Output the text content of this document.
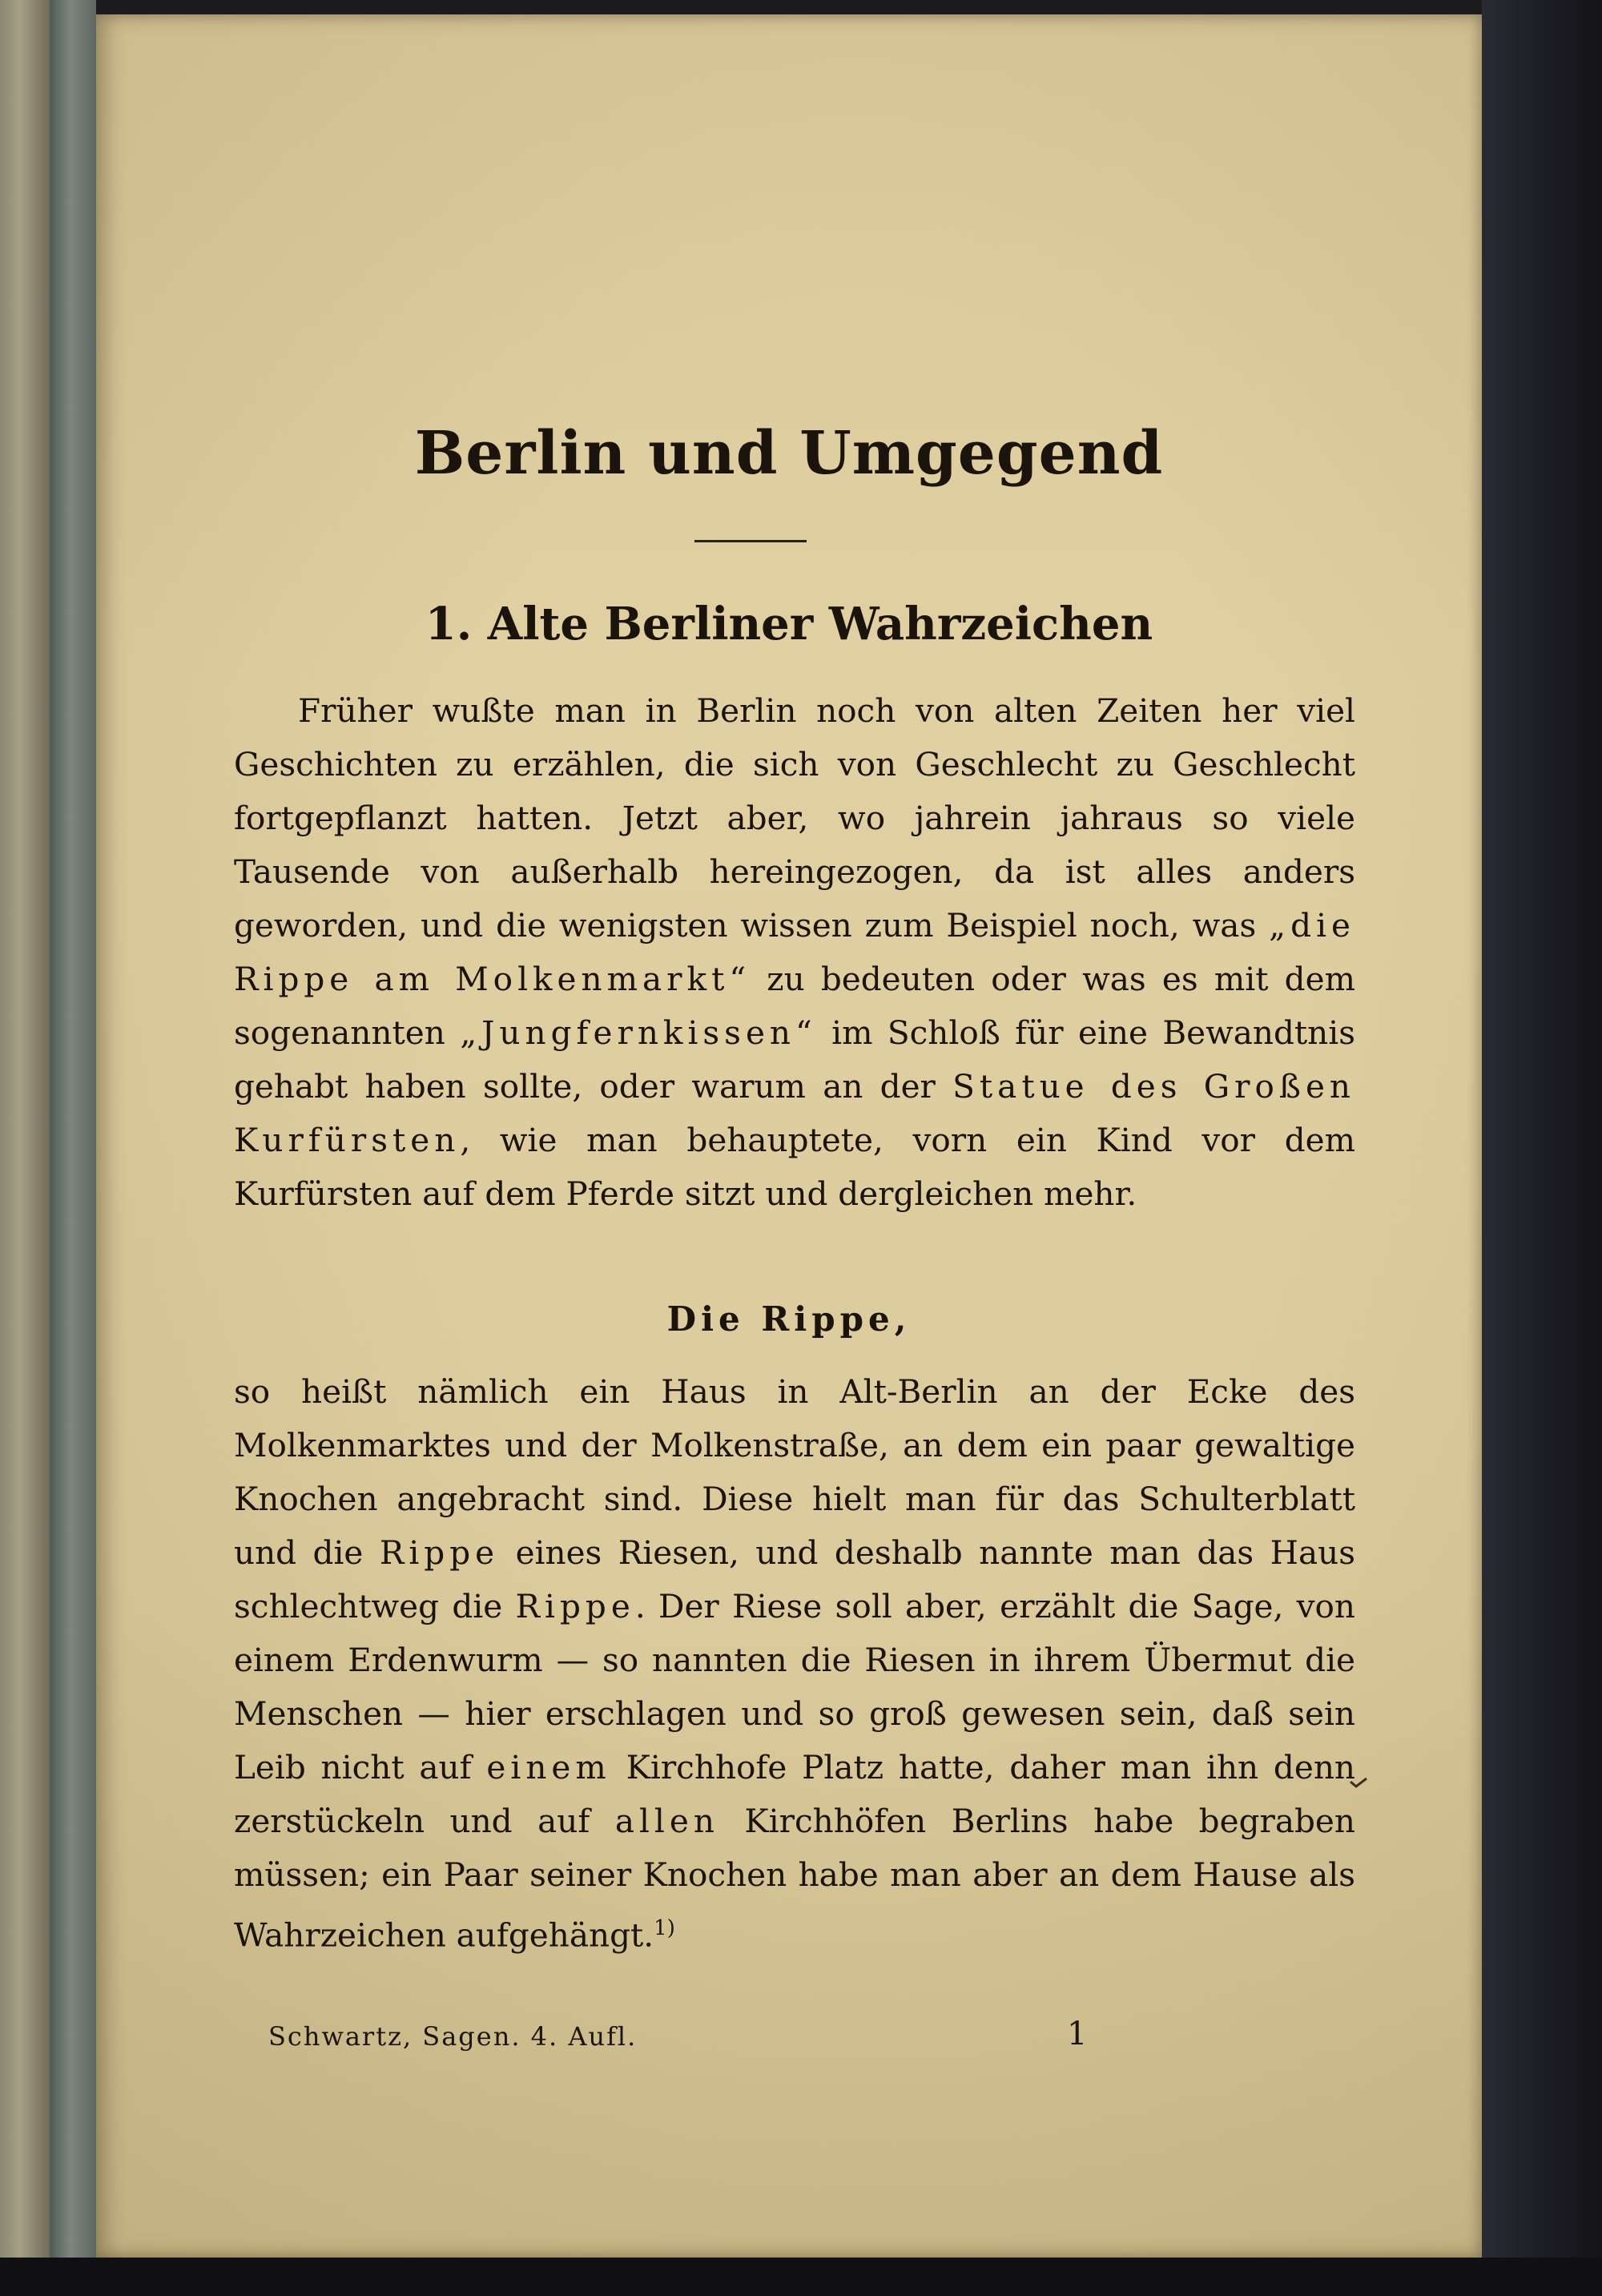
Berlin und Umgegend
1. Alte Berliner Wahrzeichen

Früher wußte man in Berlin noch von alten Zeiten her viel Geschichten zu erzählen, die sich von Geschlecht zu Geschlecht fortgepflanzt hatten. Jetzt aber, wo jahrein jahraus so viele Tausende von außerhalb hereingezogen, da ist alles anders geworden, und die wenigsten wissen zum Beispiel noch, was „die Rippe am Molkenmarkt“ zu bedeuten oder was es mit dem sogenannten „Jungfernkissen“ im Schloß für eine Bewandtnis gehabt haben sollte, oder warum an der Statue des Großen Kurfürsten, wie man behauptete, vorn ein Kind vor dem Kurfürsten auf dem Pferde sitzt und dergleichen mehr.

Die Rippe,

so heißt nämlich ein Haus in Alt-Berlin an der Ecke des Molkenmarktes und der Molkenstraße, an dem ein paar gewaltige Knochen angebracht sind. Diese hielt man für das Schulterblatt und die Rippe eines Riesen, und deshalb nannte man das Haus schlechtweg die Rippe. Der Riese soll aber, erzählt die Sage, von einem Erdenwurm — so nannten die Riesen in ihrem Übermut die Menschen — hier erschlagen und so groß gewesen sein, daß sein Leib nicht auf einem Kirchhofe Platz hatte, daher man ihn denn zerstückeln und auf allen Kirchhöfen Berlins habe begraben müssen; ein Paar seiner Knochen habe man aber an dem Hause als Wahrzeichen aufgehängt.$^{1)}$

Schwartz, Sagen. 4. Aufl.	1
